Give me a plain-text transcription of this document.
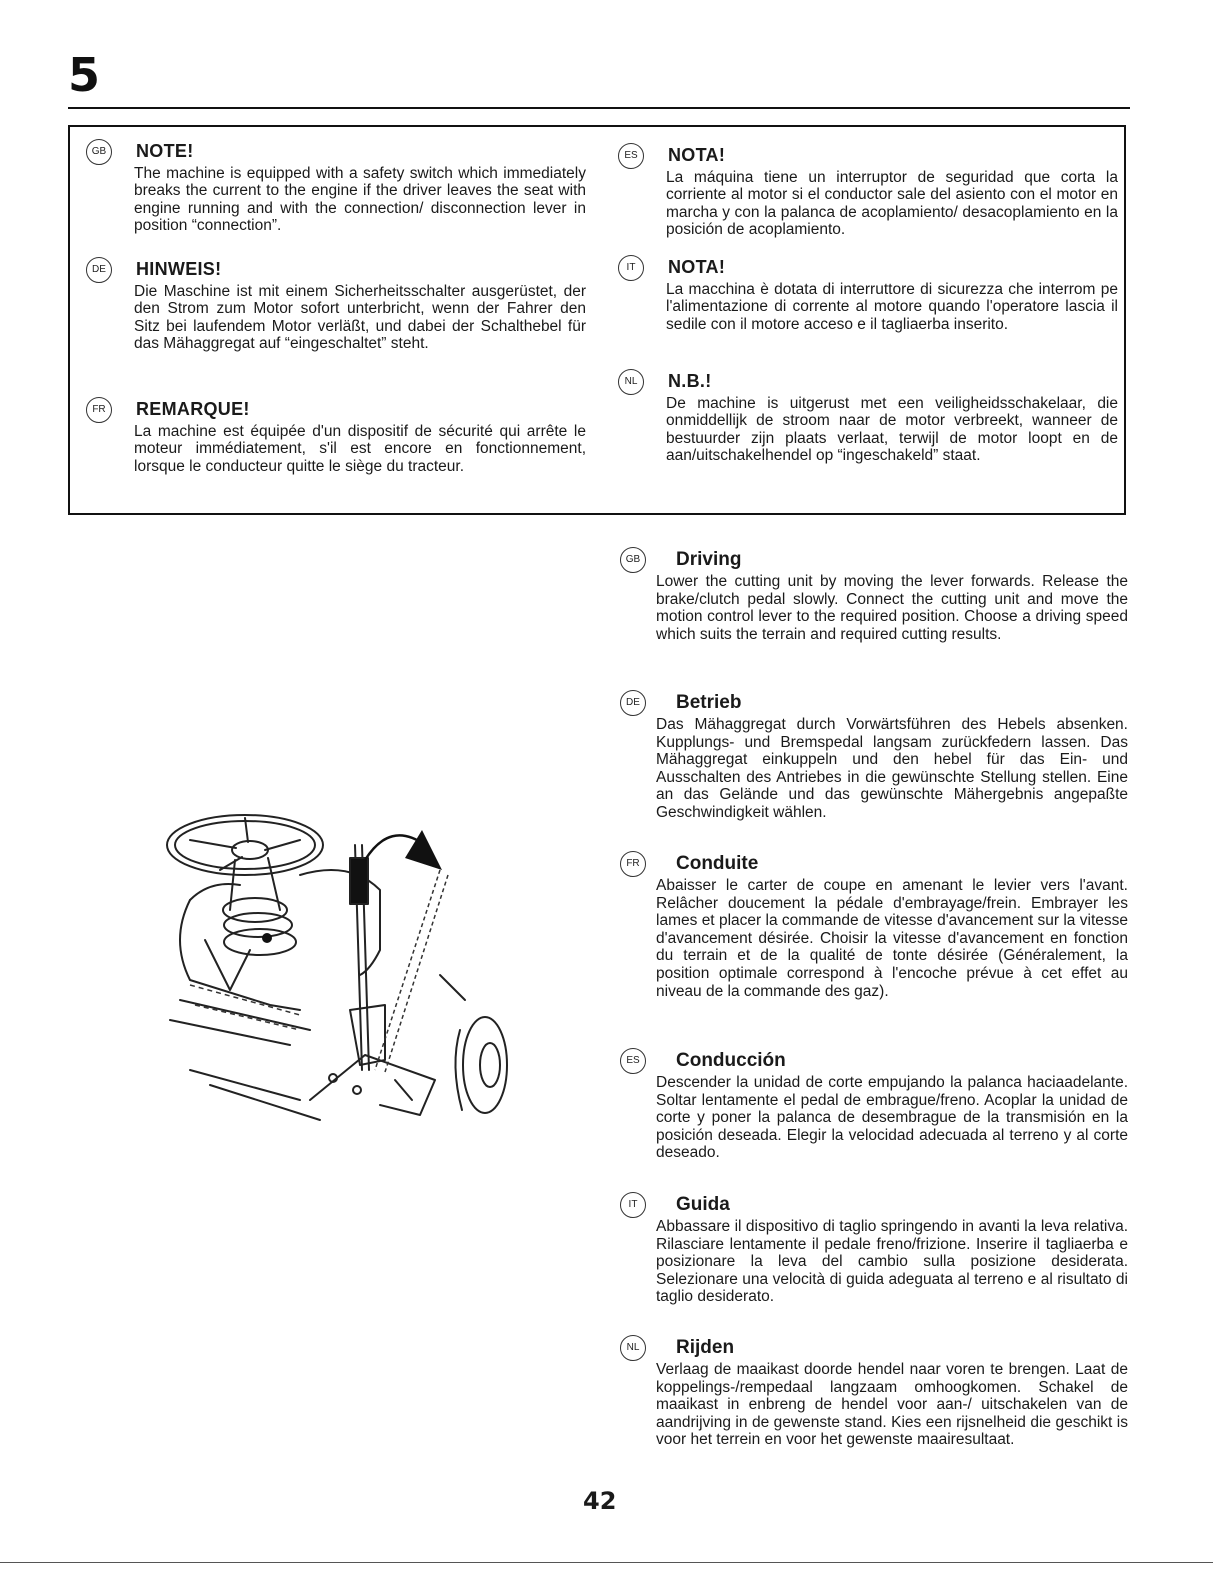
5
GB	NOTE!
The machine is equipped with a safety switch which immediately breaks the current to the engine if the driver leaves the seat with engine running and with the connection/ disconnection lever in position “connection”.
DE	HINWEIS!
Die Maschine ist mit einem Sicherheitsschalter ausgerüstet, der den Strom zum Motor sofort unterbricht, wenn der Fahrer den Sitz bei laufendem Motor verläßt, und dabei der Schalthebel für das Mähaggregat auf “eingeschaltet” steht.
FR	REMARQUE!
La machine est équipée d'un dispositif de sécurité qui arrête le moteur immédiatement, s'il est encore en fonctionnement, lorsque le conducteur quitte le siège du tracteur.
ES	NOTA!
La máquina tiene un interruptor de seguridad que corta la corriente al motor si el conductor sale del asiento con el motor en marcha y con la palanca de acoplamiento/ desacoplamiento en la posición de acoplamiento.
IT	NOTA!
La macchina è dotata di interruttore di sicurezza che interrom pe l'alimentazione di corrente al motore quando l'operatore lascia il sedile con il motore acceso e il tagliaerba inserito.
NL	N.B.!
De machine is uitgerust met een veiligheidsschakelaar, die onmiddellijk de stroom naar de motor verbreekt, wanneer de bestuurder zijn plaats verlaat, terwijl de motor loopt en de aan/uitschakelhendel op “ingeschakeld” staat.
GB	Driving
Lower the cutting unit by moving the lever forwards. Release the brake/clutch pedal slowly. Connect the cutting unit and move the motion control lever to the required position. Choose a driving speed which suits the terrain and required cutting results.
DE	Betrieb
Das Mähaggregat durch Vorwärtsführen des Hebels absenken. Kupplungs- und Bremspedal langsam zurückfedern lassen. Das Mähaggregat einkuppeln und den hebel für das Ein- und Ausschalten des Antriebes in die gewünschte Stellung stellen. Eine an das Gelände und das gewünschte Mähergebnis angepaßte Geschwindigkeit wählen.
FR	Conduite
Abaisser le carter de coupe en amenant le levier vers l'avant. Relâcher doucement la pédale d'embrayage/frein. Embrayer les lames et placer la commande de vitesse d'avancement sur la vitesse d'avancement désirée. Choisir la vitesse d'avancement en fonction du terrain et de la qualité de tonte désirée (Généralement, la position optimale correspond à l'encoche prévue à cet effet au niveau de la commande des gaz).
ES	Conducción
Descender la unidad de corte empujando la palanca haciaadelante. Soltar lentamente el pedal de embrague/freno. Acoplar la unidad de corte y poner la palanca de desembrague de la transmisión en la posición deseada. Elegir la velocidad adecuada al terreno y al corte deseado.
IT	Guida
Abbassare il dispositivo di taglio springendo in avanti la leva relativa. Rilasciare lentamente il pedale freno/frizione. Inserire il tagliaerba e posizionare la leva del cambio sulla posizione desiderata. Selezionare una velocità di guida adeguata al terreno e al risultato di taglio desiderato.
NL	Rijden
Verlaag de maaikast doorde hendel naar voren te brengen. Laat de koppelings-/rempedaal langzaam omhoogkomen. Schakel de maaikast in enbreng de hendel voor aan-/ uitschakelen van de aandrijving in de gewenste stand. Kies een rijsnelheid die geschikt is voor het terrein en voor het gewenste maairesultaat.
42
